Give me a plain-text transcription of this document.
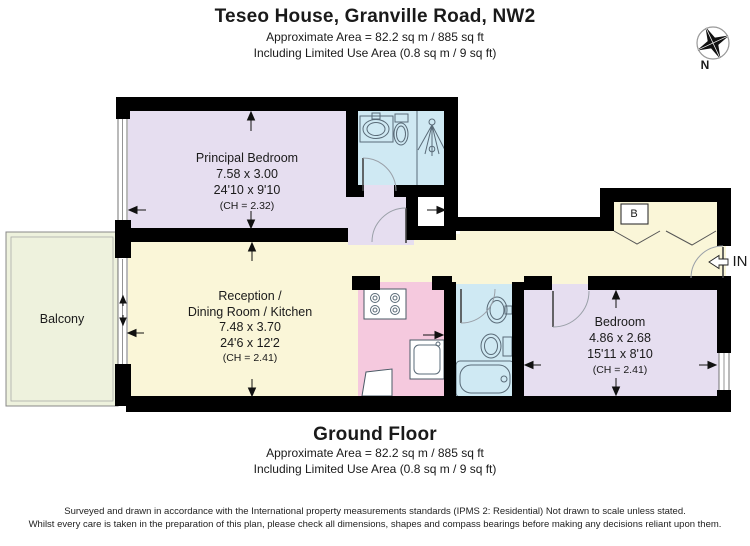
Teseo House, Granville Road, NW2
Approximate Area = 82.2 sq m / 885 sq ft
Including Limited Use Area (0.8 sq m / 9 sq ft)
N
Principal Bedroom
7.58 x 3.00
24'10 x 9'10
(CH = 2.32)
Reception /
Dining Room / Kitchen
7.48 x 3.70
24'6 x 12'2
(CH = 2.41)
Bedroom
4.86 x 2.68
15'11 x 8'10
(CH = 2.41)
Balcony
B
IN
Ground Floor
Approximate Area = 82.2 sq m / 885 sq ft
Including Limited Use Area (0.8 sq m / 9 sq ft)
Surveyed and drawn in accordance with the International property measurements standards (IPMS 2: Residential) Not drawn to scale unless stated.
Whilst every care is taken in the preparation of this plan, please check all dimensions, shapes and compass bearings before making any decisions reliant upon them.
